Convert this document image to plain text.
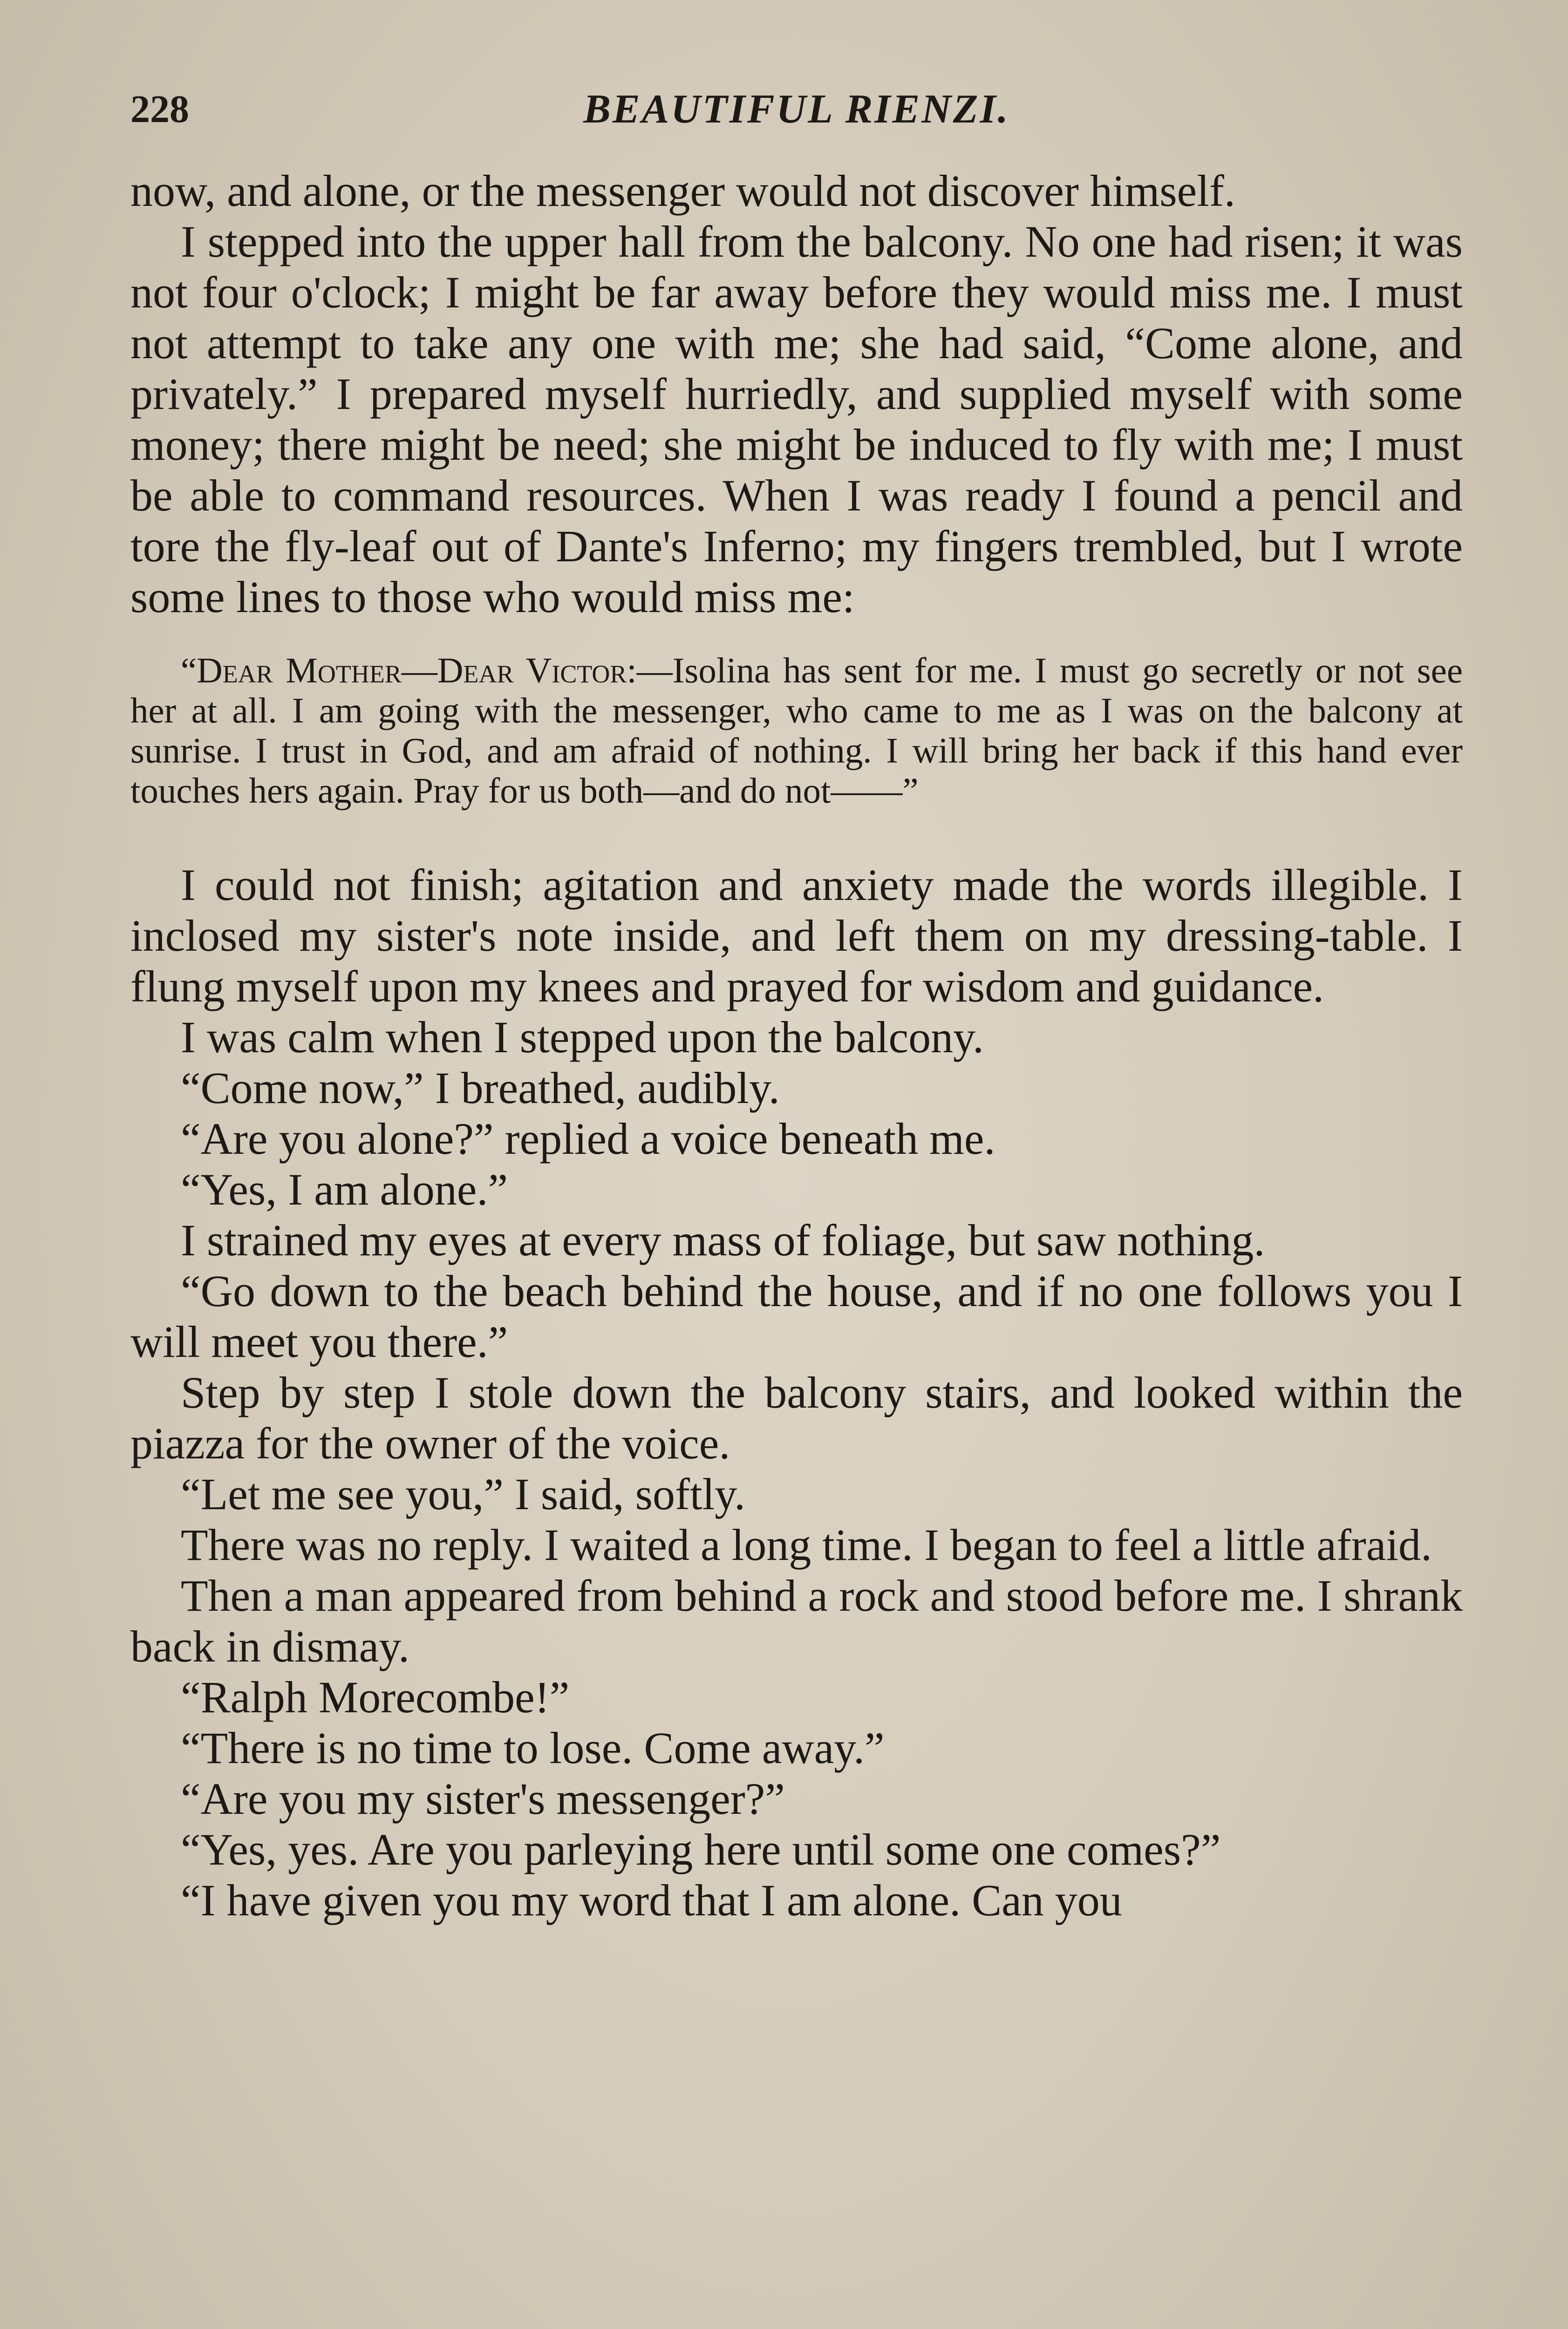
228	BEAUTIFUL RIENZI.

now, and alone, or the messenger would not discover himself.

I stepped into the upper hall from the balcony. No one had risen; it was not four o'clock; I might be far away before they would miss me. I must not attempt to take any one with me; she had said, “Come alone, and privately.” I prepared myself hurriedly, and supplied myself with some money; there might be need; she might be induced to fly with me; I must be able to command resources. When I was ready I found a pencil and tore the fly-leaf out of Dante's Inferno; my fingers trembled, but I wrote some lines to those who would miss me:

“Dear Mother—Dear Victor:—Isolina has sent for me. I must go secretly or not see her at all. I am going with the messenger, who came to me as I was on the balcony at sunrise. I trust in God, and am afraid of nothing. I will bring her back if this hand ever touches hers again. Pray for us both—and do not——”

I could not finish; agitation and anxiety made the words illegible. I inclosed my sister's note inside, and left them on my dressing-table. I flung myself upon my knees and prayed for wisdom and guidance.

I was calm when I stepped upon the balcony.

“Come now,” I breathed, audibly.

“Are you alone?” replied a voice beneath me.

“Yes, I am alone.”

I strained my eyes at every mass of foliage, but saw nothing.

“Go down to the beach behind the house, and if no one follows you I will meet you there.”

Step by step I stole down the balcony stairs, and looked within the piazza for the owner of the voice.

“Let me see you,” I said, softly.

There was no reply. I waited a long time. I began to feel a little afraid.

Then a man appeared from behind a rock and stood before me. I shrank back in dismay.

“Ralph Morecombe!”

“There is no time to lose. Come away.”

“Are you my sister's messenger?”

“Yes, yes. Are you parleying here until some one comes?”

“I have given you my word that I am alone. Can you
